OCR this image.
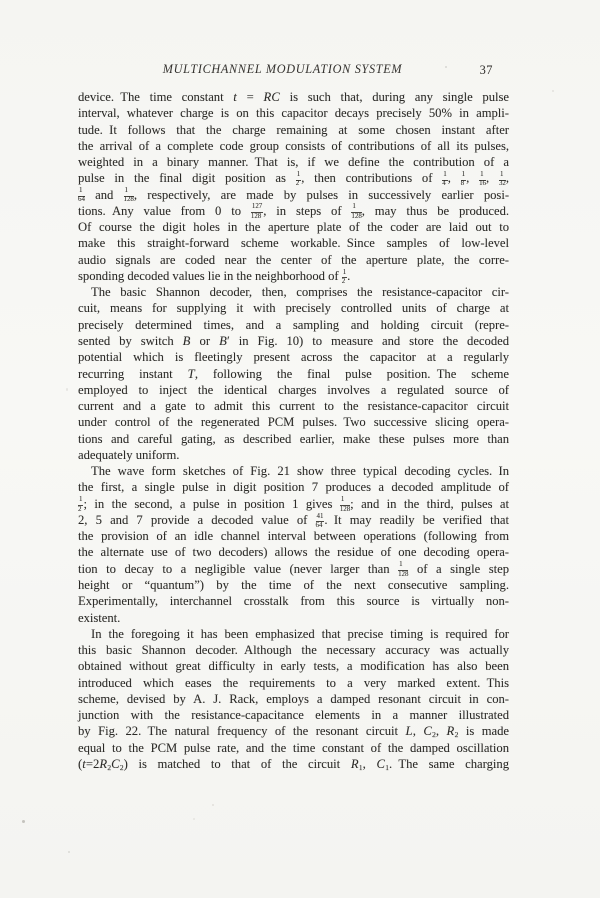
MULTICHANNEL MODULATION SYSTEM	37
device. The time constant t = RC is such that, during any single pulse
interval, whatever charge is on this capacitor decays precisely 50% in ampli-
tude. It follows that the charge remaining at some chosen instant after
the arrival of a complete code group consists of contributions of all its pulses,
weighted in a binary manner. That is, if we define the contribution of a
pulse in the final digit position as $\frac{1}{2}$ , then contributions of $\frac{1}{4}$ , $\frac{1}{8}$ , $\frac{1}{16}$ , $\frac{1}{32}$ ,
$\frac{1}{64}$ and $\frac{1}{128}$ , respectively, are made by pulses in successively earlier posi-
tions. Any value from 0 to $\frac{127}{128}$ , in steps of $\frac{1}{128}$ , may thus be produced.
Of course the digit holes in the aperture plate of the coder are laid out to
make this straight-forward scheme workable. Since samples of low-level
audio signals are coded near the center of the aperture plate, the corre-
sponding decoded values lie in the neighborhood of $\frac{1}{2}$ .
The basic Shannon decoder, then, comprises the resistance-capacitor cir-
cuit, means for supplying it with precisely controlled units of charge at
precisely determined times, and a sampling and holding circuit (repre-
sented by switch B or B′ in Fig. 10) to measure and store the decoded
potential which is fleetingly present across the capacitor at a regularly
recurring instant T, following the final pulse position. The scheme
employed to inject the identical charges involves a regulated source of
current and a gate to admit this current to the resistance-capacitor circuit
under control of the regenerated PCM pulses. Two successive slicing opera-
tions and careful gating, as described earlier, make these pulses more than
adequately uniform.
The wave form sketches of Fig. 21 show three typical decoding cycles. In
the first, a single pulse in digit position 7 produces a decoded amplitude of
$\frac{1}{2}$ ; in the second, a pulse in position 1 gives $\frac{1}{128}$ ; and in the third, pulses at
2, 5 and 7 provide a decoded value of $\frac{41}{64}$ . It may readily be verified that
the provision of an idle channel interval between operations (following from
the alternate use of two decoders) allows the residue of one decoding opera-
tion to decay to a negligible value (never larger than $\frac{1}{128}$ of a single step
height or “quantum”) by the time of the next consecutive sampling.
Experimentally, interchannel crosstalk from this source is virtually non-
existent.
In the foregoing it has been emphasized that precise timing is required for
this basic Shannon decoder. Although the necessary accuracy was actually
obtained without great difficulty in early tests, a modification has also been
introduced which eases the requirements to a very marked extent. This
scheme, devised by A. J. Rack, employs a damped resonant circuit in con-
junction with the resistance-capacitance elements in a manner illustrated
by Fig. 22. The natural frequency of the resonant circuit L, $C_2$, $R_2$ is made
equal to the PCM pulse rate, and the time constant of the damped oscillation
$(t=2R_2C_2)$ is matched to that of the circuit $R_1$, $C_1$. The same charging
